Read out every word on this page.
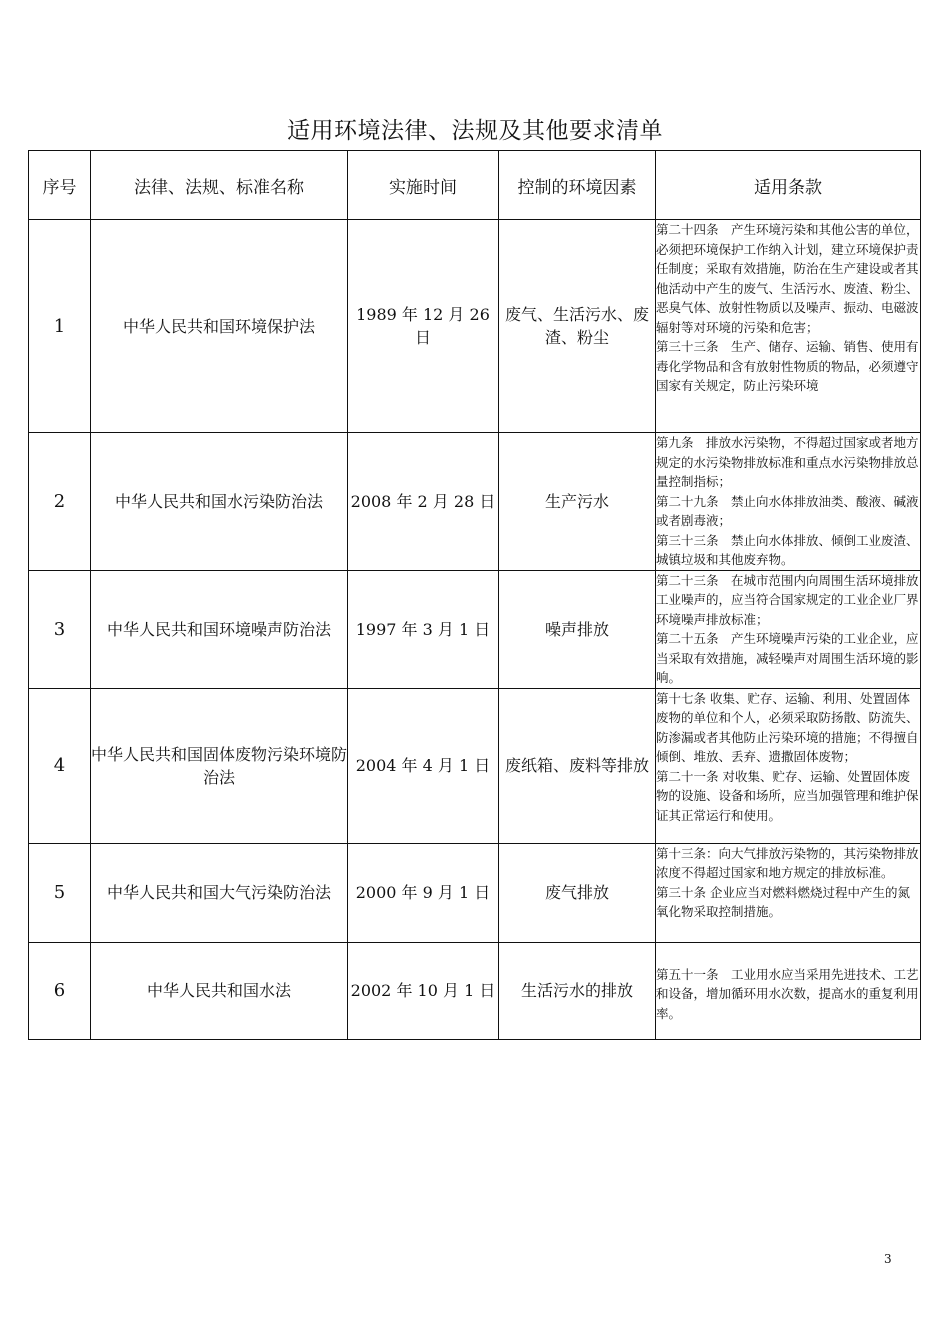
适用环境法律、法规及其他要求清单
序号	法律、法规、标准名称	实施时间	控制的环境因素	适用条款
1	中华人民共和国环境保护法	1989 年 12 月 26 日	废气、生活污水、废渣、粉尘	第二十四条　产生环境污染和其他公害的单位，必须把环境保护工作纳入计划，建立环境保护责任制度；采取有效措施，防治在生产建设或者其他活动中产生的废气、生活污水、废渣、粉尘、恶臭气体、放射性物质以及噪声、振动、电磁波辐射等对环境的污染和危害；

第三十三条　生产、储存、运输、销售、使用有毒化学物品和含有放射性物质的物品，必须遵守国家有关规定，防止污染环境

2	中华人民共和国水污染防治法	2008 年 2 月 28 日	生产污水	第九条　排放水污染物，不得超过国家或者地方规定的水污染物排放标准和重点水污染物排放总量控制指标；

第二十九条　禁止向水体排放油类、酸液、碱液或者剧毒液；

第三十三条　禁止向水体排放、倾倒工业废渣、城镇垃圾和其他废弃物。

3	中华人民共和国环境噪声防治法	1997 年 3 月 1 日	噪声排放	第二十三条　在城市范围内向周围生活环境排放工业噪声的，应当符合国家规定的工业企业厂界环境噪声排放标准；

第二十五条　产生环境噪声污染的工业企业，应当采取有效措施，减轻噪声对周围生活环境的影响。

4	中华人民共和国固体废物污染环境防治法	2004 年 4 月 1 日	废纸箱、废料等排放	第十七条 收集、贮存、运输、利用、处置固体废物的单位和个人，必须采取防扬散、防流失、防渗漏或者其他防止污染环境的措施；不得擅自倾倒、堆放、丢弃、遗撒固体废物；

第二十一条 对收集、贮存、运输、处置固体废物的设施、设备和场所，应当加强管理和维护保证其正常运行和使用。

5	中华人民共和国大气污染防治法	2000 年 9 月 1 日	废气排放	第十三条：向大气排放污染物的，其污染物排放浓度不得超过国家和地方规定的排放标准。

第三十条 企业应当对燃料燃烧过程中产生的氮氧化物采取控制措施。

6	中华人民共和国水法	2002 年 10 月 1 日	生活污水的排放	第五十一条　工业用水应当采用先进技术、工艺和设备，增加循环用水次数，提高水的重复利用率。

3
